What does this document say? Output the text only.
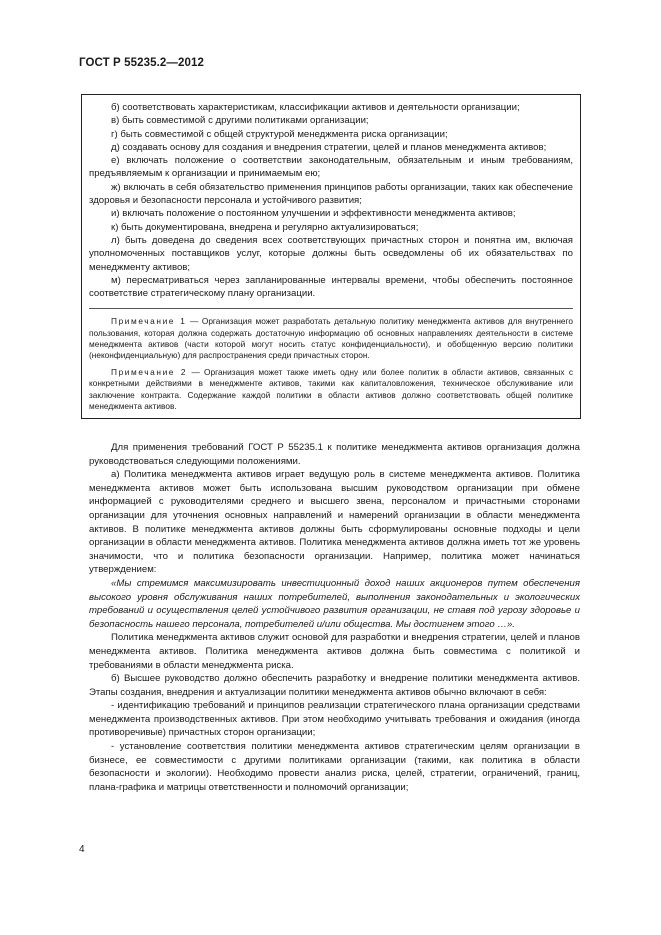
ГОСТ Р 55235.2—2012

б) соответствовать характеристикам, классификации активов и деятельности организации;

в) быть совместимой с другими политиками организации;

г) быть совместимой с общей структурой менеджмента риска организации;

д) создавать основу для создания и внедрения стратегии, целей и планов менеджмента активов;

е) включать положение о соответствии законодательным, обязательным и иным требованиям, предъявляемым к организации и принимаемым ею;

ж) включать в себя обязательство применения принципов работы организации, таких как обеспечение здоровья и безопасности персонала и устойчивого развития;

и) включать положение о постоянном улучшении и эффективности менеджмента активов;

к) быть документирована, внедрена и регулярно актуализироваться;

л) быть доведена до сведения всех соответствующих причастных сторон и понятна им, включая уполномоченных поставщиков услуг, которые должны быть осведомлены об их обязательствах по менеджменту активов;

м) пересматриваться через запланированные интервалы времени, чтобы обеспечить постоянное соответствие стратегическому плану организации.

Примечание 1 — Организация может разработать детальную политику менеджмента активов для внутреннего пользования, которая должна содержать достаточную информацию об основных направлениях деятельности в системе менеджмента активов (части которой могут носить статус конфиденциальности), и обобщенную версию политики (неконфиденциальную) для распространения среди причастных сторон.

Примечание 2 — Организация может также иметь одну или более политик в области активов, связанных с конкретными действиями в менеджменте активов, такими как капиталовложения, техническое обслуживание или заключение контракта. Содержание каждой политики в области активов должно соответствовать общей политике менеджмента активов.

Для применения требований ГОСТ Р 55235.1 к политике менеджмента активов организация должна руководствоваться следующими положениями.

а) Политика менеджмента активов играет ведущую роль в системе менеджмента активов. Политика менеджмента активов может быть использована высшим руководством организации при обмене информацией с руководителями среднего и высшего звена, персоналом и причастными сторонами организации для уточнения основных направлений и намерений организации в области менеджмента активов. В политике менеджмента активов должны быть сформулированы основные подходы и цели организации в области менеджмента активов. Политика менеджмента активов должна иметь тот же уровень значимости, что и политика безопасности организации. Например, политика может начинаться утверждением:

«Мы стремимся максимизировать инвестиционный доход наших акционеров путем обеспечения высокого уровня обслуживания наших потребителей, выполнения законодательных и экологических требований и осуществления целей устойчивого развития организации, не ставя под угрозу здоровье и безопасность нашего персонала, потребителей и/или общества. Мы достигнем этого …».

Политика менеджмента активов служит основой для разработки и внедрения стратегии, целей и планов менеджмента активов. Политика менеджмента активов должна быть совместима с политикой и требованиями в области менеджмента риска.

б) Высшее руководство должно обеспечить разработку и внедрение политики менеджмента активов. Этапы создания, внедрения и актуализации политики менеджмента активов обычно включают в себя:

- идентификацию требований и принципов реализации стратегического плана организации средствами менеджмента производственных активов. При этом необходимо учитывать требования и ожидания (иногда противоречивые) причастных сторон организации;

- установление соответствия политики менеджмента активов стратегическим целям организации в бизнесе, ее совместимости с другими политиками организации (такими, как политика в области безопасности и экологии). Необходимо провести анализ риска, целей, стратегии, ограничений, границ, плана-графика и матрицы ответственности и полномочий организации;

4
